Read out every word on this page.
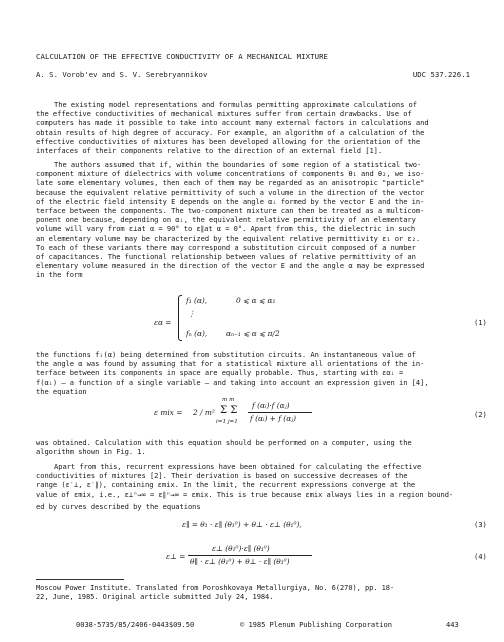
CALCULATION OF THE EFFECTIVE CONDUCTIVITY OF A MECHANICAL MIXTURE
A. S. Vorob'ev and S. V. Serebryannikov	UDC 537.226.1
The existing model representations and formulas permitting approximate calculations of
the effective conductivities of mechanical mixtures suffer from certain drawbacks. Use of
computers has made it possible to take into account many external factors in calculations and
obtain results of high degree of accuracy. For example, an algorithm of a calculation of the
effective conductivities of mixtures has been developed allowing for the orientation of the
interfaces of their components relative to the direction of an external field [1].
The authors assumed that if, within the boundaries of some region of a statistical two-
component mixture of dielectrics with volume concentrations of components θ₁ and θ₂, we iso-
late some elementary volumes, then each of them may be regarded as an anisotropic "particle"
because the equivalent relative permittivity of such a volume in the direction of the vector
of the electric field intensity E depends on the angle αᵢ formed by the vector E and the in-
terface between the components. The two-component mixture can then be treated as a multicom-
ponent one because, depending on αᵢ, the equivalent relative permittivity of an elementary
volume will vary from ε⊥at α = 90° to ε∥at α = 0°. Apart from this, the dielectric in such
an elementary volume may be characterized by the equivalent relative permittivity ε₁ or ε₂.
To each of these variants there may correspond a substitution circuit composed of a number
of capacitances. The functional relationship between values of relative permittivity of an
elementary volume measured in the direction of the vector E and the angle α may be expressed
in the form
εα =
f₁ (α),	0 ⩽ α ⩽ α₁
⋮
fₙ (α),	αₙ₋₁ ⩽ α ⩽ π/2
(1)
the functions fᵢ(α) being determined from substitution circuits. An instantaneous value of
the angle α was found by assuming that for a statistical mixture all orientations of the in-
terface between its components in space are equally probable. Thus, starting with εαᵢ =
f(αᵢ) — a function of a single variable — and taking into account an expression given in [4],
the equation
ε mix = 2 / m²
m m
Σ Σ
i=1 j=1
f (αᵢ)·f (αⱼ)
f (αᵢ) + f (αⱼ)	(2)
was obtained. Calculation with this equation should be performed on a computer, using the
algorithm shown in Fig. 1.
Apart from this, recurrent expressions have been obtained for calculating the effective
conductivities of mixtures [2]. Their derivation is based on successive decreases of the
range (ε′⊥, ε′∥), containing εmix. In the limit, the recurrent expressions converge at the
value of εmix, i.e., ε⊥ⁿ→∞ = ε∥ⁿ→∞ = εmix. This is true because εmix always lies in a region bound-
ed by curves described by the equations
ε∥ = θ₁ · ε∥ (θ₁⁰) + θ⊥ · ε⊥ (θ₁⁰),	(3)
ε⊥ =
ε⊥ (θ₁⁰)·ε∥ (θ₁⁰)
θ∥ · ε⊥ (θ₁⁰) + θ⊥ · ε∥ (θ₁⁰)
(4)
Moscow Power Institute. Translated from Poroshkovaya Metallurgiya, No. 6(270), pp. 18-
22, June, 1985. Original article submitted July 24, 1984.
0038-5735/85/2406-0443$09.50	© 1985 Plenum Publishing Corporation	443
